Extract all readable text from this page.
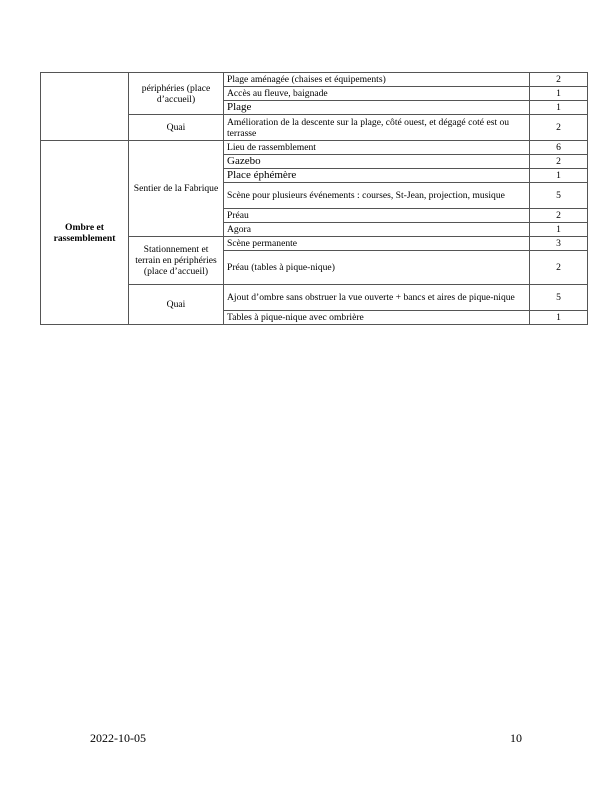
	périphéries (place d’accueil)	Plage aménagée (chaises et équipements)	2
		Accès au fleuve, baignade	1
		Plage	1
	Quai	Amélioration de la descente sur la plage, côté ouest, et dégagé coté est ou terrasse	2
Ombre et rassemblement	Sentier de la Fabrique	Lieu de rassemblement	6
		Gazebo	2
		Place éphémère	1
		Scène pour plusieurs événements : courses, St-Jean, projection, musique	5
		Préau	2
		Agora	1
	Stationnement et terrain en périphéries (place d’accueil)	Scène permanente	3
		Préau (tables à pique-nique)	2
	Quai	Ajout d’ombre sans obstruer la vue ouverte + bancs et aires de pique-nique	5
		Tables à pique-nique avec ombrière	1
2022-10-05	10
